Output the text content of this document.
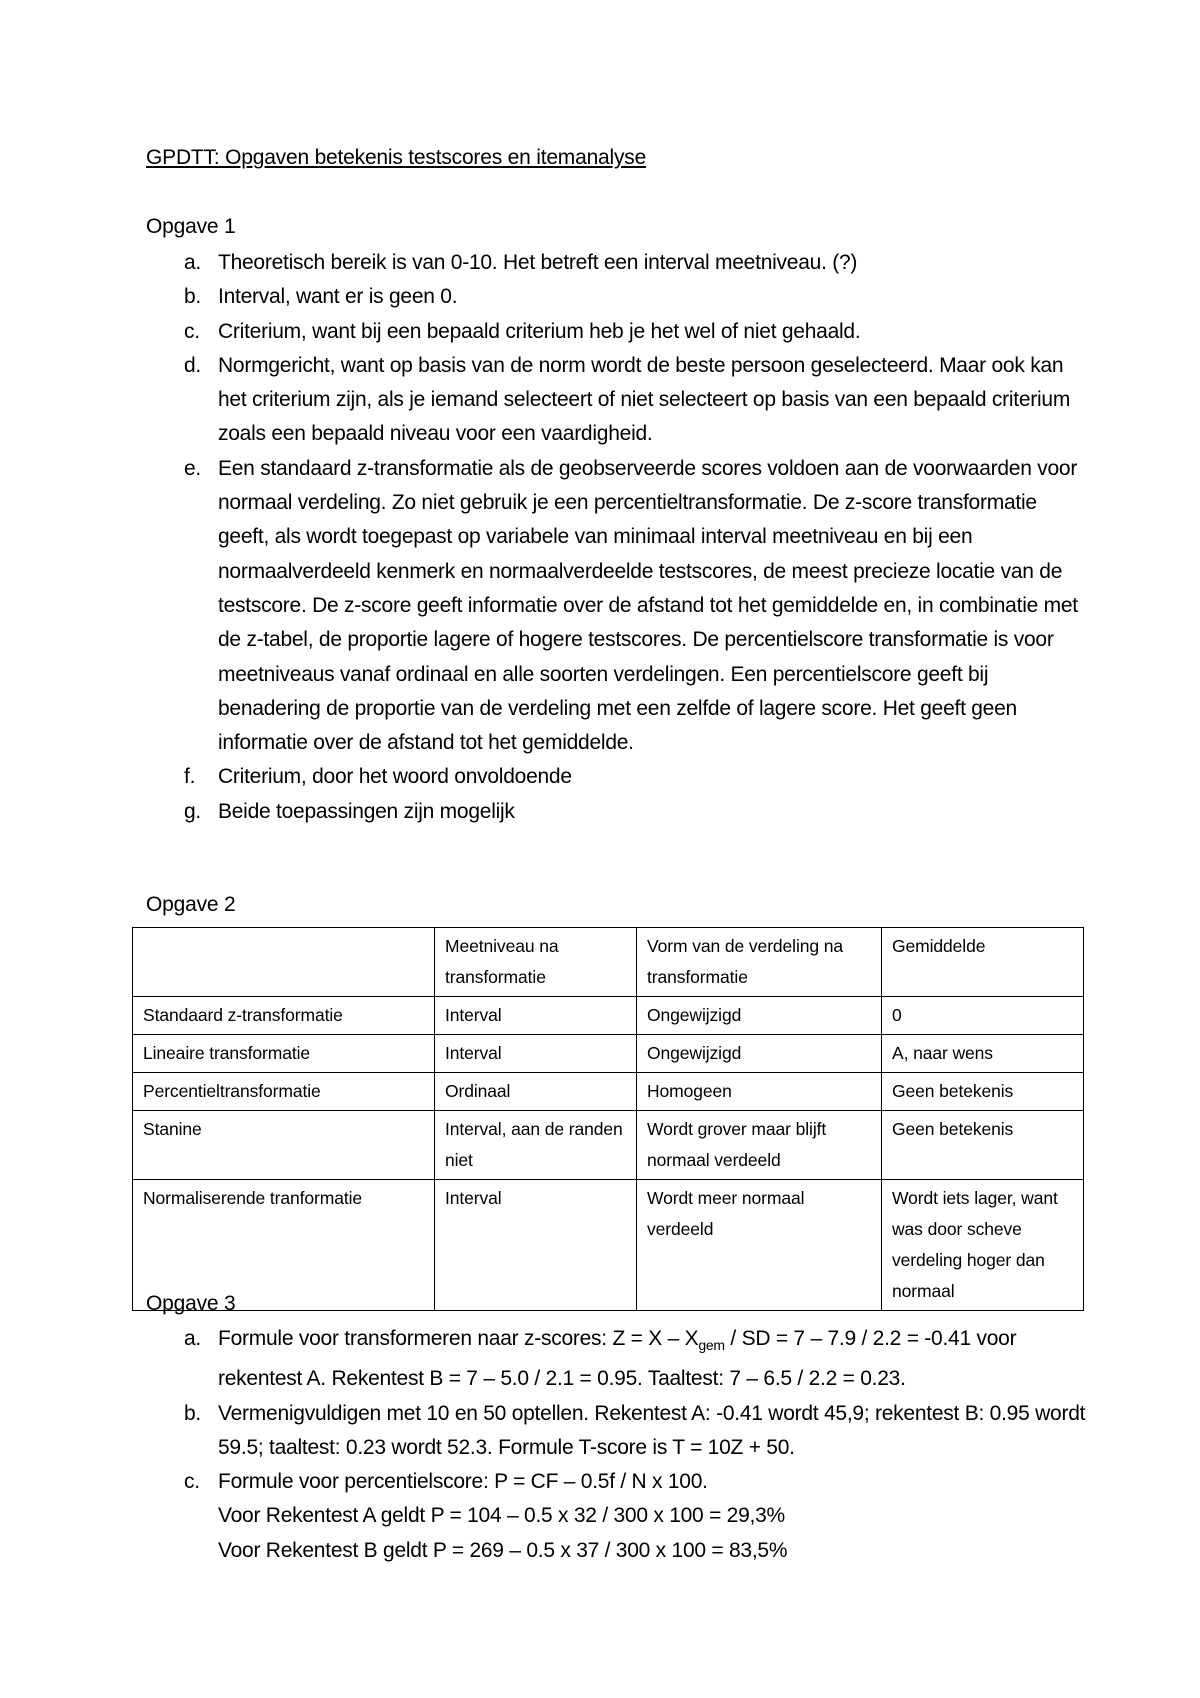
GPDTT: Opgaven betekenis testscores en itemanalyse
Opgave 1
a. Theoretisch bereik is van 0-10. Het betreft een interval meetniveau. (?)
b. Interval, want er is geen 0.
c. Criterium, want bij een bepaald criterium heb je het wel of niet gehaald.
d. Normgericht, want op basis van de norm wordt de beste persoon geselecteerd. Maar ook kan het criterium zijn, als je iemand selecteert of niet selecteert op basis van een bepaald criterium zoals een bepaald niveau voor een vaardigheid.
e. Een standaard z-transformatie als de geobserveerde scores voldoen aan de voorwaarden voor normaal verdeling. Zo niet gebruik je een percentieltransformatie. De z-score transformatie geeft, als wordt toegepast op variabele van minimaal interval meetniveau en bij een normaalverdeeld kenmerk en normaalverdeelde testscores, de meest precieze locatie van de testscore. De z-score geeft informatie over de afstand tot het gemiddelde en, in combinatie met de z-tabel, de proportie lagere of hogere testscores. De percentielscore transformatie is voor meetniveaus vanaf ordinaal en alle soorten verdelingen. Een percentielscore geeft bij benadering de proportie van de verdeling met een zelfde of lagere score. Het geeft geen informatie over de afstand tot het gemiddelde.
f. Criterium, door het woord onvoldoende
g. Beide toepassingen zijn mogelijk
Opgave 2
	Meetniveau na transformatie	Vorm van de verdeling na transformatie	Gemiddelde
Standaard z-transformatie	Interval	Ongewijzigd	0
Lineaire transformatie	Interval	Ongewijzigd	A, naar wens
Percentieltransformatie	Ordinaal	Homogeen	Geen betekenis
Stanine	Interval, aan de randen niet	Wordt grover maar blijft normaal verdeeld	Geen betekenis
Normaliserende tranformatie	Interval	Wordt meer normaal verdeeld	Wordt iets lager, want was door scheve verdeling hoger dan normaal
Opgave 3
a. Formule voor transformeren naar z-scores: $Z = X - X_{gem}$ / SD = 7 – 7.9 / 2.2 = -0.41 voor rekentest A. Rekentest B = 7 – 5.0 / 2.1 = 0.95. Taaltest: 7 – 6.5 / 2.2 = 0.23.
b. Vermenigvuldigen met 10 en 50 optellen. Rekentest A: -0.41 wordt 45,9; rekentest B: 0.95 wordt 59.5; taaltest: 0.23 wordt 52.3. Formule T-score is T = 10Z + 50.
c. Formule voor percentielscore: P = CF – 0.5f / N x 100.
Voor Rekentest A geldt P = 104 – 0.5 x 32 / 300 x 100 = 29,3%
Voor Rekentest B geldt P = 269 – 0.5 x 37 / 300 x 100 = 83,5%
